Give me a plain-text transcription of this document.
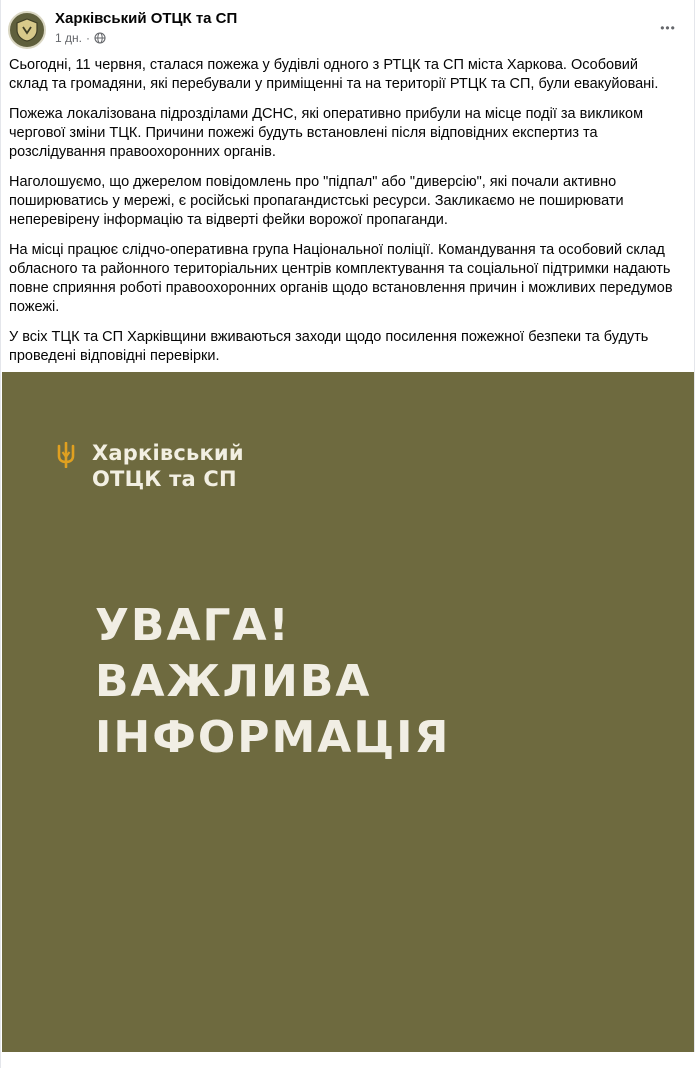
Харківський ОТЦК та СП
1 дн. ·
•••

Сьогодні, 11 червня, сталася пожежа у будівлі одного з РТЦК та СП міста Харкова. Особовий склад та громадяни, які перебували у приміщенні та на території РТЦК та СП, були евакуйовані.

Пожежа локалізована підрозділами ДСНС, які оперативно прибули на місце події за викликом чергової зміни ТЦК. Причини пожежі будуть встановлені після відповідних експертиз та розслідування правоохоронних органів.

Наголошуємо, що джерелом повідомлень про "підпал" або "диверсію", які почали активно поширюватись у мережі, є російські пропагандистські ресурси. Закликаємо не поширювати неперевірену інформацію та відверті фейки ворожої пропаганди.

На місці працює слідчо-оперативна група Національної поліції. Командування та особовий склад обласного та районного територіальних центрів комплектування та соціальної підтримки надають повне сприяння роботі правоохоронних органів щодо встановлення причин і можливих передумов пожежі.

У всіх ТЦК та СП Харківщини вживаються заходи щодо посилення пожежної безпеки та будуть проведені відповідні перевірки.

Харківський
ОТЦК та СП
УВАГА!
ВАЖЛИВА
ІНФОРМАЦІЯ
